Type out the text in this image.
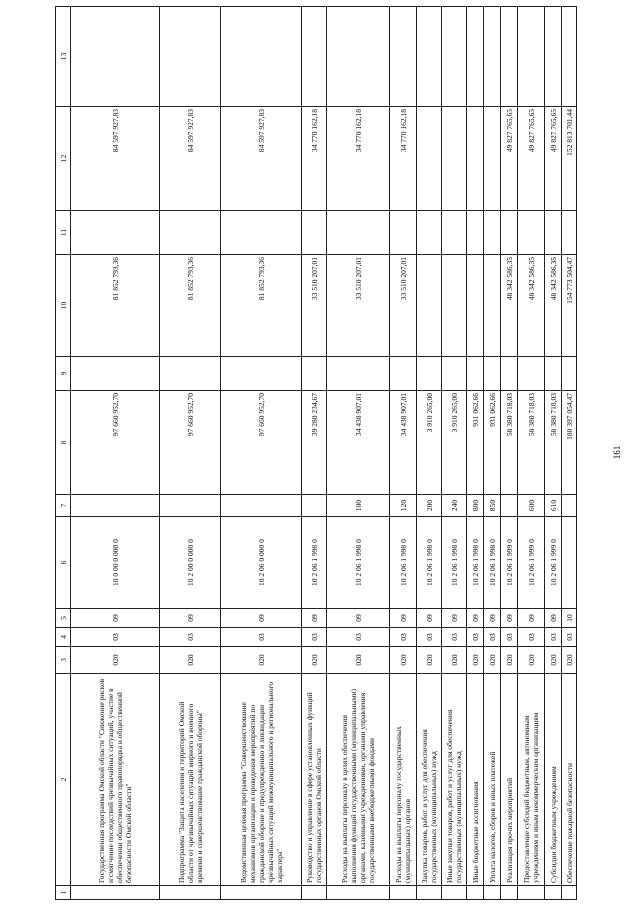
1	2	3	4	5	6	7	8	9	10	11	12	13
	Государственная программа Омской области "Снижение рисков и смягчение последствий чрезвычайных ситуаций, участие в обеспечении общественного правопорядка и общественной безопасности Омской области"	020	03	09	10 0 00 0 000 0		97 660 952,70		81 852 793,36		84 597 927,83	
	Подпрограмма "Защита населения и территорий Омской области от чрезвычайных ситуаций мирного и военного времени и совершенствование гражданской обороны"	020	03	09	10 2 00 0 000 0		97 660 952,70		81 852 793,36		84 597 927,83	
	Ведомственная целевая программа "Совершенствование механизмов организации и проведения мероприятий по гражданской обороне и предупреждению и ликвидации чрезвычайных ситуаций межмуниципального и регионального характера"	020	03	09	10 2 06 0 000 0		97 660 952,70		81 852 793,36		84 597 927,83	
	Руководство и управление в сфере установленных функций государственных органов Омской области	020	03	09	10 2 06 1 998 0		39 280 234,67		33 510 207,01		34 770 162,18	
	Расходы на выплаты персоналу в целях обеспечения выполнения функций государственными (муниципальными) органами, казенными учреждениями, органами управления государственными внебюджетными фондами	020	03	09	10 2 06 1 998 0	100	34 438 907,01		33 510 207,01		34 770 162,18	
	Расходы на выплаты персоналу государственных (муниципальных) органов	020	03	09	10 2 06 1 998 0	120	34 438 907,01		33 510 207,01		34 770 162,18	
	Закупка товаров, работ и услуг для обеспечения государственных (муниципальных) нужд	020	03	09	10 2 06 1 998 0	200	3 910 265,00					
	Иные закупки товаров, работ и услуг для обеспечения государственных (муниципальных) нужд	020	03	09	10 2 06 1 998 0	240	3 910 265,00					
	Иные бюджетные ассигнования	020	03	09	10 2 06 1 998 0	800	931 062,66					
	Уплата налогов, сборов и иных платежей	020	03	09	10 2 06 1 998 0	850	931 062,66					
	Реализация прочих мероприятий	020	03	09	10 2 06 1 999 0		58 380 718,03		48 342 586,35		49 827 765,65	
	Предоставление субсидий бюджетным, автономным учреждениям и иным некоммерческим организациям	020	03	09	10 2 06 1 999 0	600	58 380 718,03		48 342 586,35		49 827 765,65	
	Субсидии бюджетным учреждениям	020	03	09	10 2 06 1 999 0	610	58 380 718,03		48 342 586,35		49 827 765,65	
	Обеспечение пожарной безопасности	020	03	10			180 397 054,47		154 773 504,47		152 813 701,44	
161
